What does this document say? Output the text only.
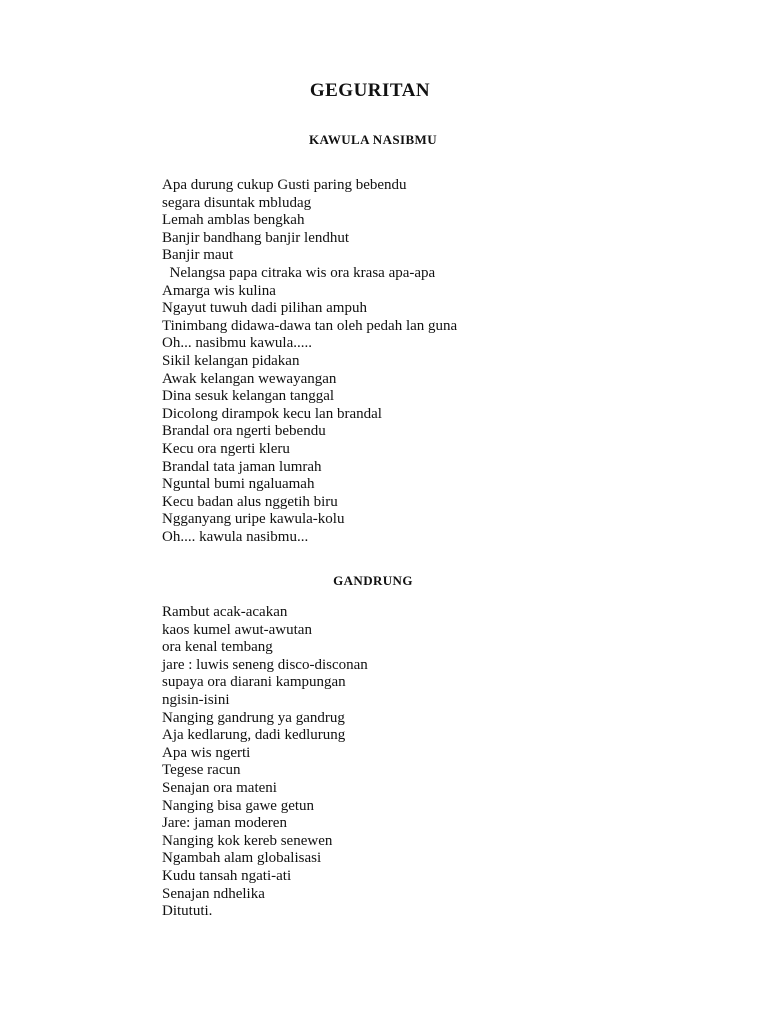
GEGURITAN
KAWULA NASIBMU
Apa durung cukup Gusti paring bebendu
segara disuntak mbludag
Lemah amblas bengkah
Banjir bandhang banjir lendhut
Banjir maut
Nelangsa papa citraka wis ora krasa apa-apa
Amarga wis kulina
Ngayut tuwuh dadi pilihan ampuh
Tinimbang didawa-dawa tan oleh pedah lan guna
Oh... nasibmu kawula.....
Sikil kelangan pidakan
Awak kelangan wewayangan
Dina sesuk kelangan tanggal
Dicolong dirampok kecu lan brandal
Brandal ora ngerti bebendu
Kecu ora ngerti kleru
Brandal tata jaman lumrah
Nguntal bumi ngaluamah
Kecu badan alus nggetih biru
Ngganyang uripe kawula-kolu
Oh.... kawula nasibmu...
GANDRUNG
Rambut acak-acakan
kaos kumel awut-awutan
ora kenal tembang
jare : luwis seneng disco-disconan
supaya ora diarani kampungan
ngisin-isini
Nanging gandrung ya gandrug
Aja kedlarung, dadi kedlurung
Apa wis ngerti
Tegese racun
Senajan ora mateni
Nanging bisa gawe getun
Jare: jaman moderen
Nanging kok kereb senewen
Ngambah alam globalisasi
Kudu tansah ngati-ati
Senajan ndhelika
Ditututi.
